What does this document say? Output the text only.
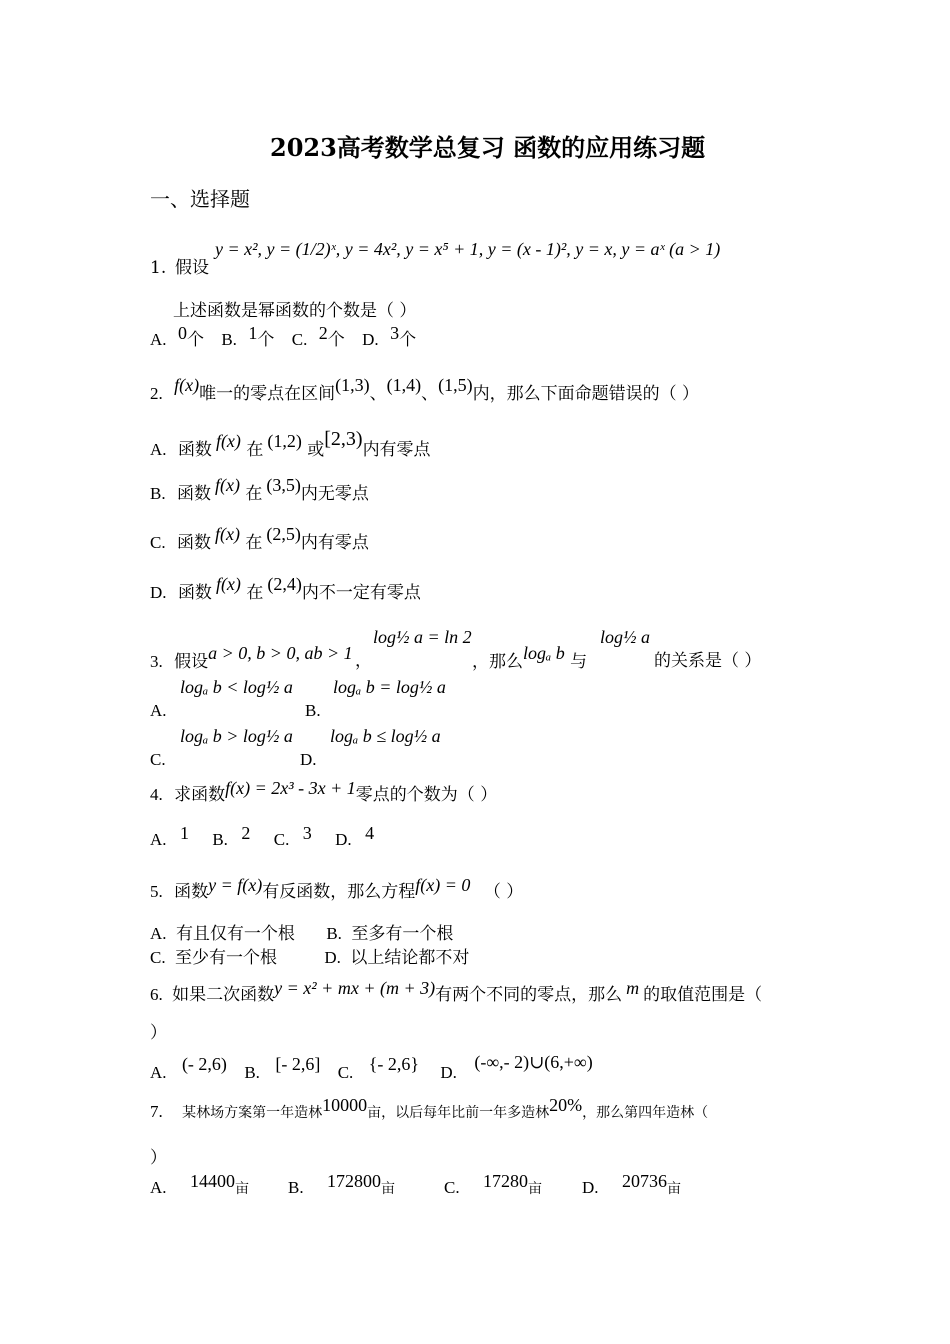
2023高考数学总复习 函数的应用练习题
一、选择题
1. 假设
y = x², y = (1/2)ˣ, y = 4x², y = x⁵ + 1, y = (x - 1)², y = x, y = aˣ (a > 1)
上述函数是幂函数的个数是（ ）
A. 0个 B. 1个 C. 2个 D. 3个
2. f(x)唯一的零点在区间(1,3)、(1,4)、(1,5)内，那么下面命题错误的（ ）
A. 函数 f(x) 在 (1,2) 或[2,3)内有零点
B. 函数 f(x) 在 (3,5)内无零点
C. 函数 f(x) 在 (2,5)内有零点
D. 函数 f(x) 在 (2,4)内不一定有零点
log½ a = ln 2	log½ a
3. 假设a > 0, b > 0, ab > 1 ，	，那么logₐ b 与	的关系是（ ）
logₐ b < log½ a logₐ b = log½ a
A.	B.
logₐ b > log½ a logₐ b ≤ log½ a
C.	D.
4. 求函数f(x) = 2x³ - 3x + 1零点的个数为（ ）
A. 1 B. 2 C. 3 D. 4
5. 函数y = f(x)有反函数，那么方程f(x) = 0 （ ）
A. 有且仅有一个根 B. 至多有一个根
C. 至少有一个根	D. 以上结论都不对
6. 如果二次函数y = x² + mx + (m + 3)有两个不同的零点，那么 m 的取值范围是（
）
A. (- 2,6) B. [- 2,6] C. {- 2,6} D. (-∞,- 2)∪(6,+∞)
7. 某林场方案第一年造林10000亩，以后每年比前一年多造林20%，那么第四年造林（
）
A. 14400亩 B. 172800亩	C. 17280亩 D. 20736亩
